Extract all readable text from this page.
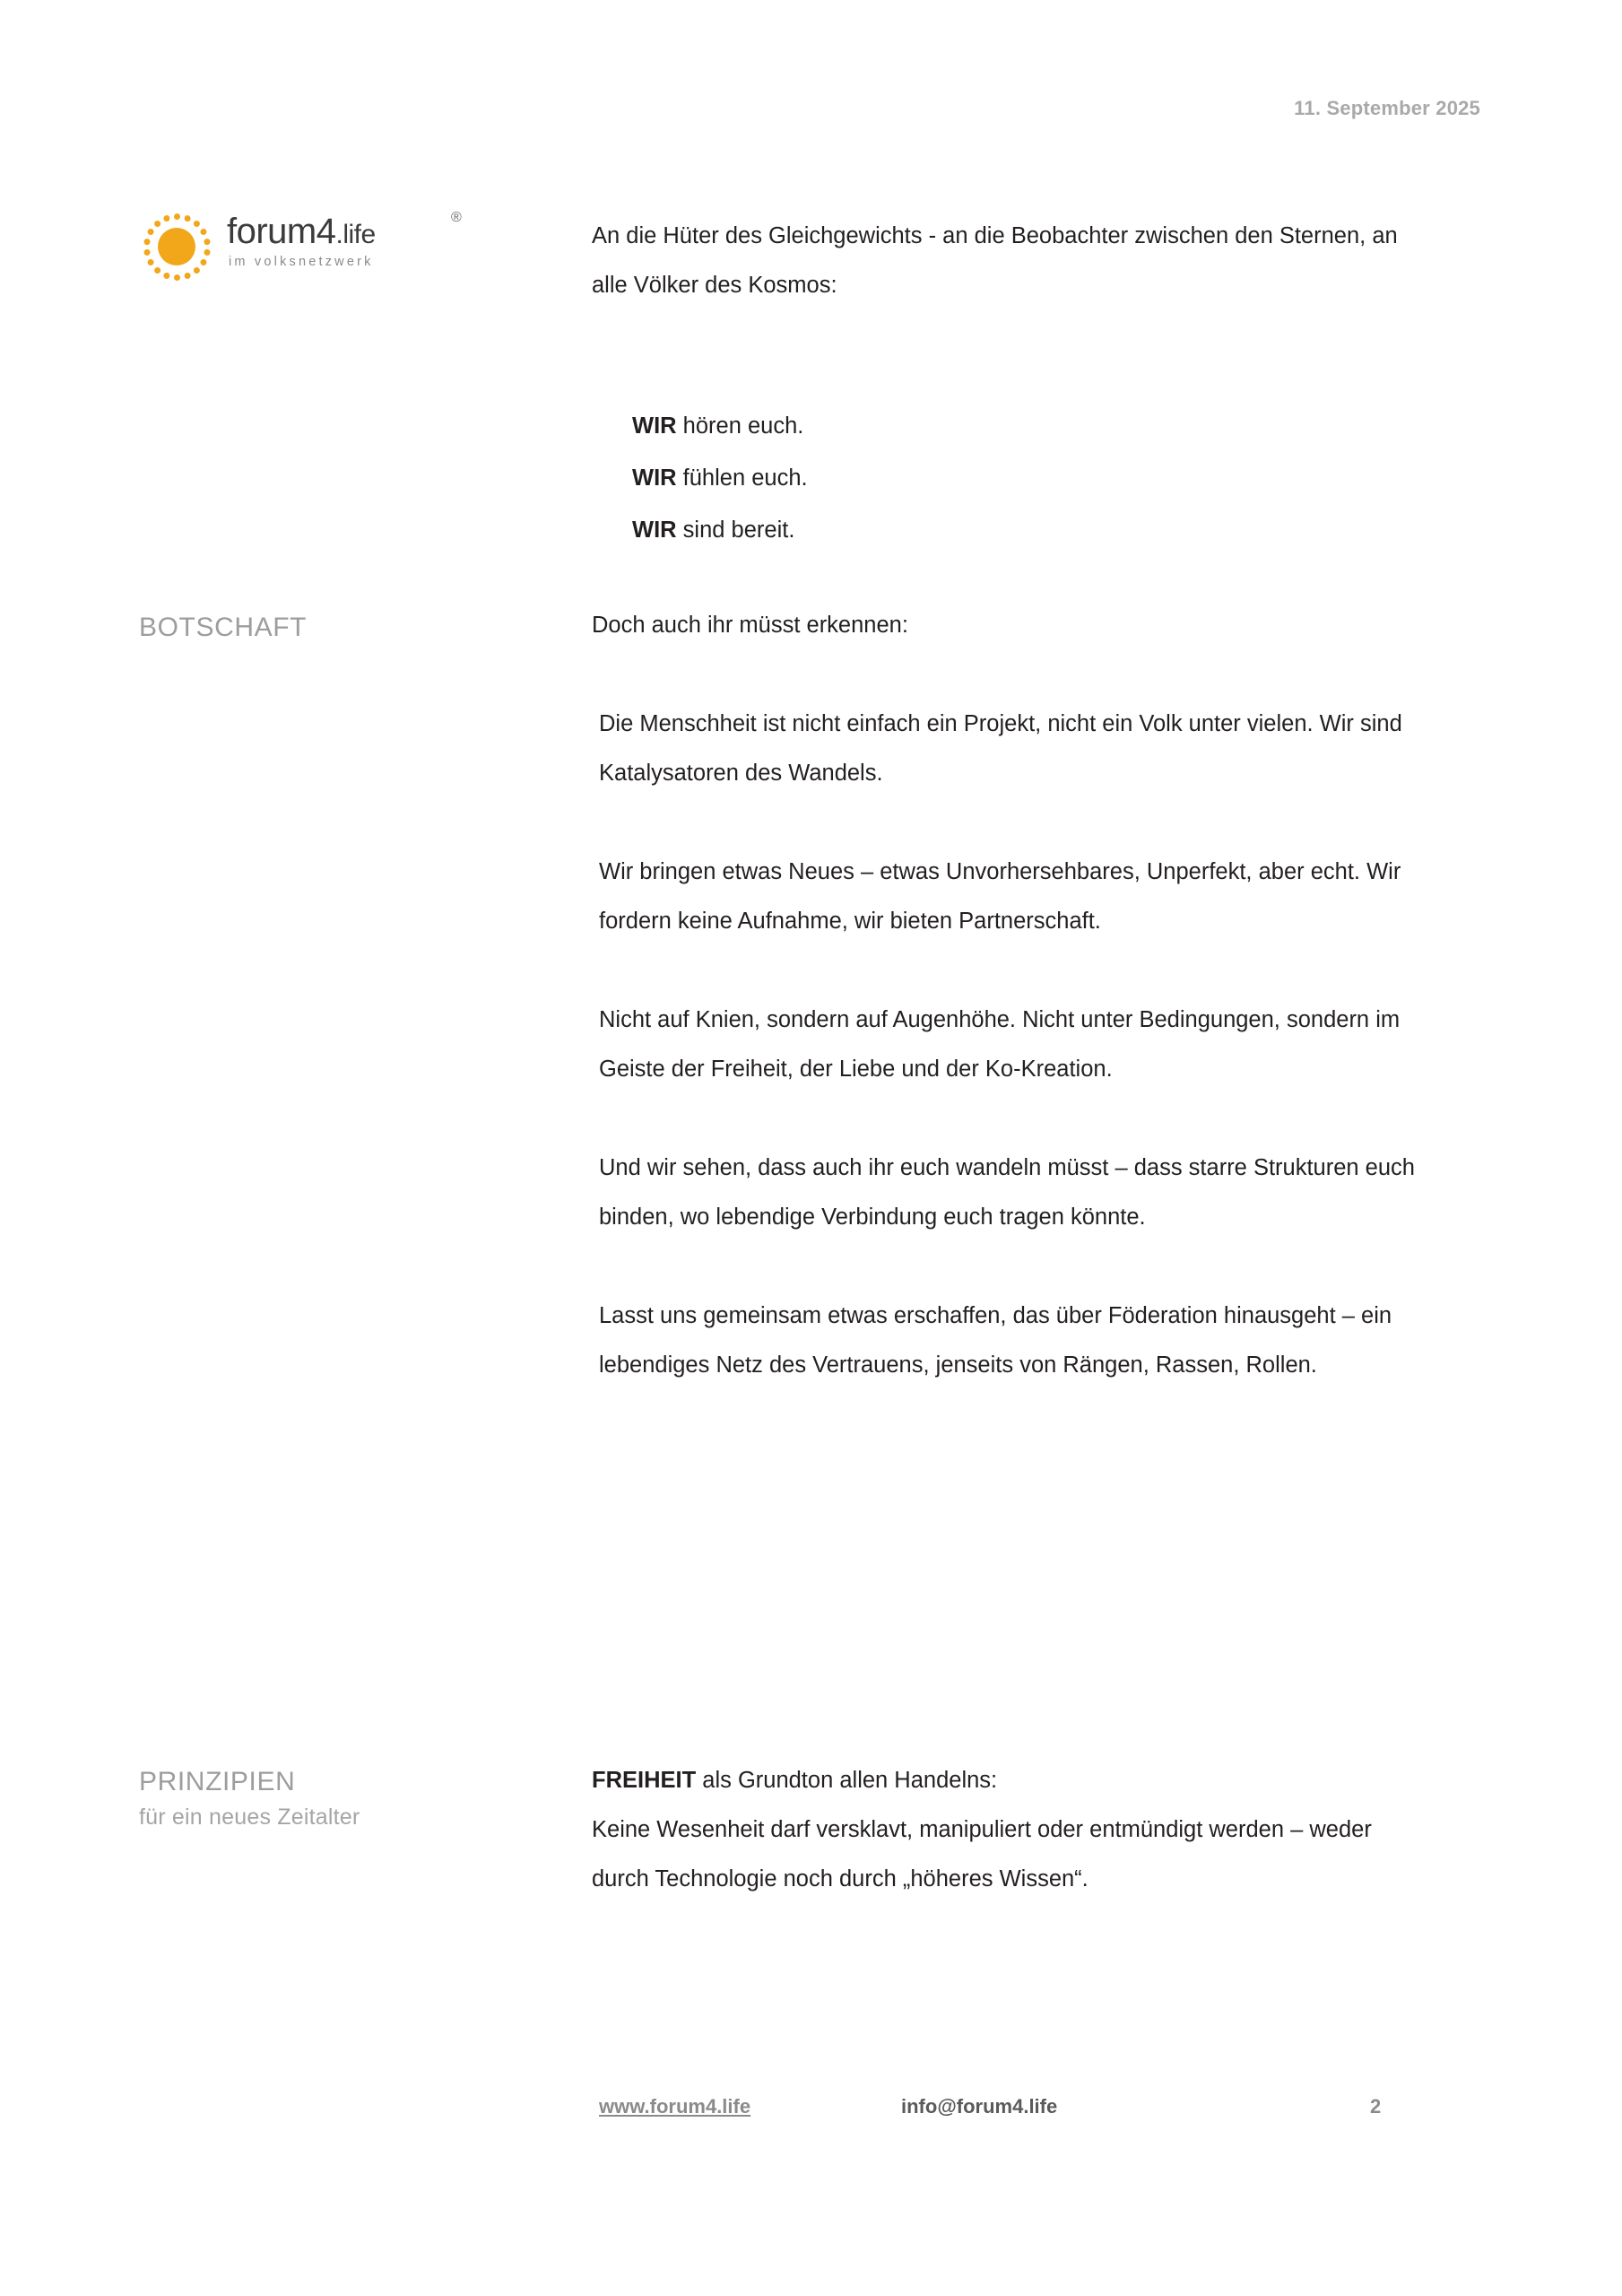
11. September 2025
forum4.life
®
im volksnetzwerk

An die Hüter des Gleichgewichts - an die Beobachter zwischen den Sternen, an alle Völker des Kosmos:

WIR hören euch.
WIR fühlen euch.
WIR sind bereit.
BOTSCHAFT	Doch auch ihr müsst erkennen:

Die Menschheit ist nicht einfach ein Projekt, nicht ein Volk unter vielen. Wir sind Katalysatoren des Wandels.

Wir bringen etwas Neues – etwas Unvorhersehbares, Unperfekt, aber echt. Wir fordern keine Aufnahme, wir bieten Partnerschaft.

Nicht auf Knien, sondern auf Augenhöhe. Nicht unter Bedingungen, sondern im Geiste der Freiheit, der Liebe und der Ko-Kreation.

Und wir sehen, dass auch ihr euch wandeln müsst – dass starre Strukturen euch binden, wo lebendige Verbindung euch tragen könnte.

Lasst uns gemeinsam etwas erschaffen, das über Föderation hinausgeht – ein lebendiges Netz des Vertrauens, jenseits von Rängen, Rassen, Rollen.

PRINZIPIEN
für ein neues Zeitalter

FREIHEIT als Grundton allen Handelns:

Keine Wesenheit darf versklavt, manipuliert oder entmündigt werden – weder durch Technologie noch durch „höheres Wissen“.

www.forum4.life	info@forum4.life	2
